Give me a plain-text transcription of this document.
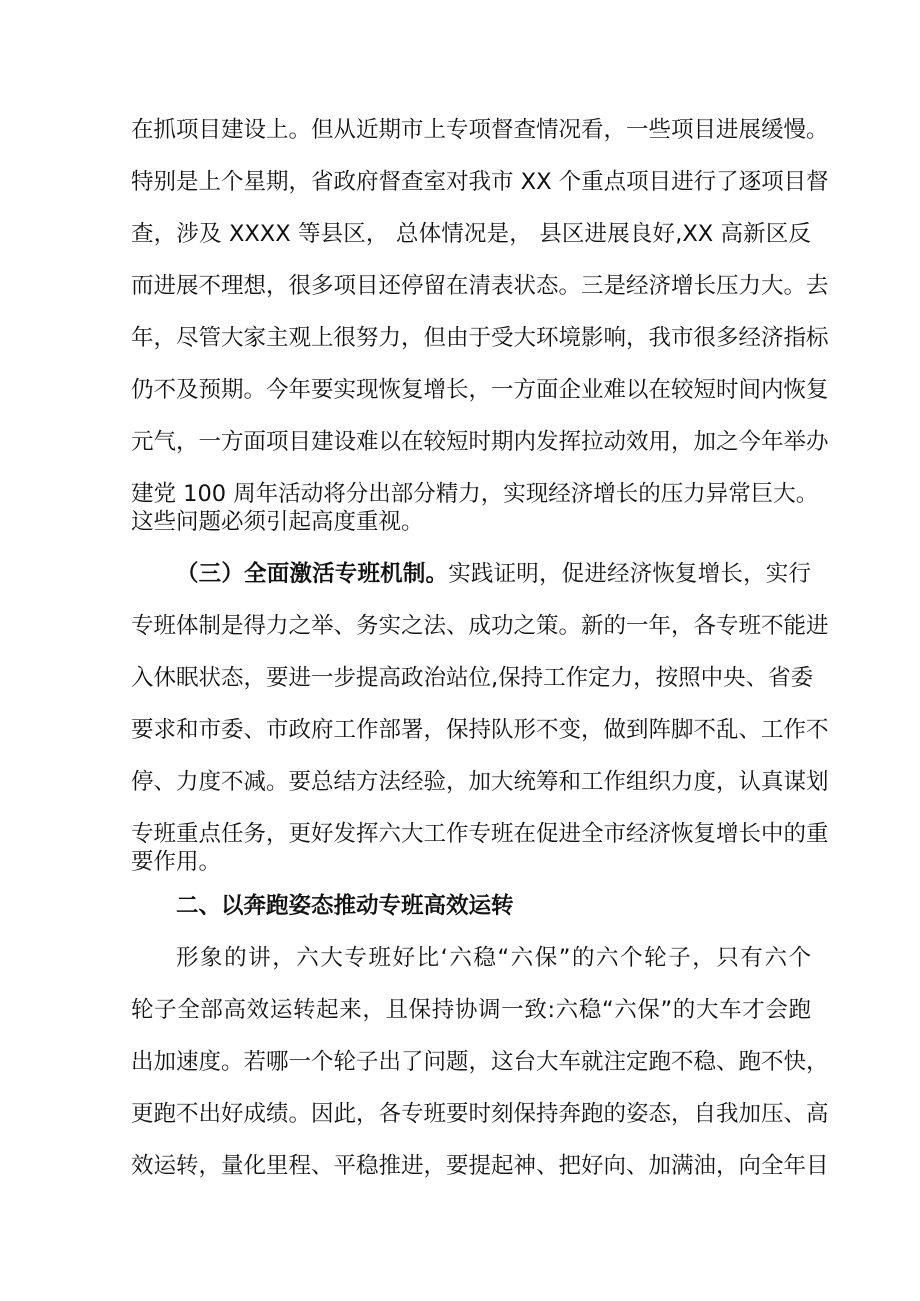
在抓项目建设上。但从近期市上专项督查情况看，一些项目进展缓慢。
特别是上个星期，省政府督查室对我市 XX 个重点项目进行了逐项目督
查，涉及 XXXX 等县区， 总体情况是， 县区进展良好,XX 高新区反
而进展不理想，很多项目还停留在清表状态。三是经济增长压力大。去
年，尽管大家主观上很努力，但由于受大环境影响，我市很多经济指标
仍不及预期。今年要实现恢复增长，一方面企业难以在较短时间内恢复
元气，一方面项目建设难以在较短时期内发挥拉动效用，加之今年举办
建党 100 周年活动将分出部分精力，实现经济增长的压力异常巨大。
这些问题必须引起高度重视。
（三）全面激活专班机制。实践证明，促进经济恢复增长，实行
专班体制是得力之举、务实之法、成功之策。新的一年，各专班不能进
入休眠状态，要进一步提高政治站位,保持工作定力，按照中央、省委
要求和市委、市政府工作部署，保持队形不变，做到阵脚不乱、工作不
停、力度不减。要总结方法经验，加大统筹和工作组织力度，认真谋划
专班重点任务，更好发挥六大工作专班在促进全市经济恢复增长中的重
要作用。
二、以奔跑姿态推动专班高效运转
形象的讲，六大专班好比‘六稳“六保”的六个轮子，只有六个
轮子全部高效运转起来，且保持协调一致:六稳“六保”的大车才会跑
出加速度。若哪一个轮子出了问题，这台大车就注定跑不稳、跑不快，
更跑不出好成绩。因此，各专班要时刻保持奔跑的姿态，自我加压、高
效运转，量化里程、平稳推进，要提起神、把好向、加满油，向全年目
